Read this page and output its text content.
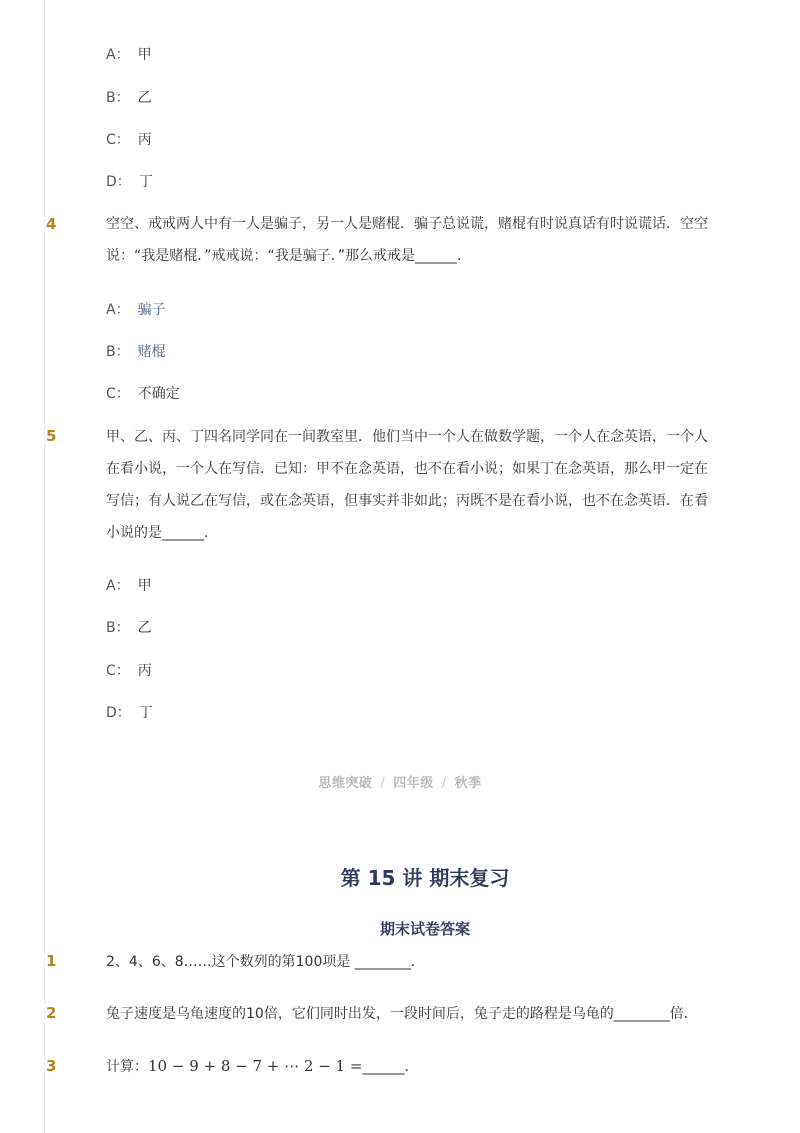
A： 甲
B： 乙
C： 丙
D： 丁
4	空空、戒戒两人中有一人是骗子，另一人是赌棍．骗子总说谎，赌棍有时说真话有时说谎话．空空说：“我是赌棍．”戒戒说：“我是骗子．”那么戒戒是______．
A： 骗子
B： 赌棍
C： 不确定
5	甲、乙、丙、丁四名同学同在一间教室里．他们当中一个人在做数学题，一个人在念英语，一个人在看小说，一个人在写信．已知：甲不在念英语，也不在看小说；如果丁在念英语，那么甲一定在写信；有人说乙在写信，或在念英语，但事实并非如此；丙既不是在看小说，也不在念英语．在看小说的是______．
A： 甲
B： 乙
C： 丙
D： 丁
思维突破 / 四年级 / 秋季
第 15 讲 期末复习
期末试卷答案
1	2、4、6、8……这个数列的第100项是 ________．
2	兔子速度是乌龟速度的10倍，它们同时出发，一段时间后，兔子走的路程是乌龟的________倍．
3	计算：10 − 9 + 8 − 7 + ⋯ 2 − 1 =______．
